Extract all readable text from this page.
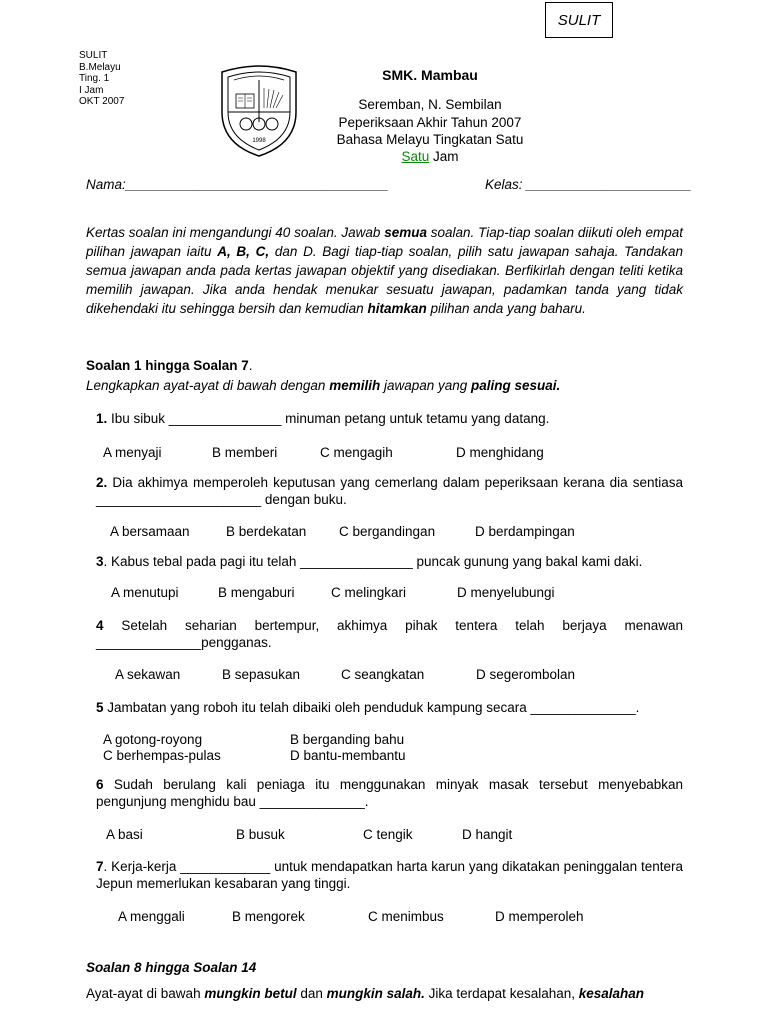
SULIT
SULIT
B.Melayu
Ting. 1
I Jam
OKT 2007
1998
SMK. Mambau
Seremban, N. Sembilan
Peperiksaan Akhir Tahun 2007
Bahasa Melayu Tingkatan Satu
Satu Jam
Nama:___________________________________	Kelas: ______________________
Kertas soalan ini mengandungi 40 soalan. Jawab semua soalan. Tiap-tiap soalan diikuti oleh empat pilihan jawapan iaitu A, B, C, dan D. Bagi tiap-tiap soalan, pilih satu jawapan sahaja. Tandakan semua jawapan anda pada kertas jawapan objektif yang disediakan. Berfikirlah dengan teliti ketika memilih jawapan. Jika anda hendak menukar sesuatu jawapan, padamkan tanda yang tidak dikehendaki itu sehingga bersih dan kemudian hitamkan pilihan anda yang baharu.
Soalan 1 hingga Soalan 7.
Lengkapkan ayat-ayat di bawah dengan memilih jawapan yang paling sesuai.
1. Ibu sibuk _______________ minuman petang untuk tetamu yang datang.
A menyaji	B memberi	C mengagih	D menghidang
2. Dia akhimya memperoleh keputusan yang cemerlang dalam peperiksaan kerana dia sentiasa ______________________ dengan buku.
A bersamaan	B berdekatan C bergandingan	D berdampingan
3. Kabus tebal pada pagi itu telah _______________ puncak gunung yang bakal kami daki.
A menutupi	B mengaburi	C melingkari	D menyelubungi
4 Setelah seharian bertempur, akhimya pihak tentera telah berjaya menawan ______________pengganas.
A sekawan	B sepasukan	C seangkatan	D segerombolan
5 Jambatan yang roboh itu telah dibaiki oleh penduduk kampung secara ______________.
A gotong-royong	B berganding bahu
C berhempas-pulas	D bantu-membantu
6 Sudah berulang kali peniaga itu menggunakan minyak masak tersebut menyebabkan pengunjung menghidu bau ______________.
A basi	B busuk	C tengik	D hangit
7. Kerja-kerja ____________ untuk mendapatkan harta karun yang dikatakan peninggalan tentera Jepun memerlukan kesabaran yang tinggi.
A menggali	B mengorek	C menimbus	D memperoleh
Soalan 8 hingga Soalan 14
Ayat-ayat di bawah mungkin betul dan mungkin salah. Jika terdapat kesalahan, kesalahan
